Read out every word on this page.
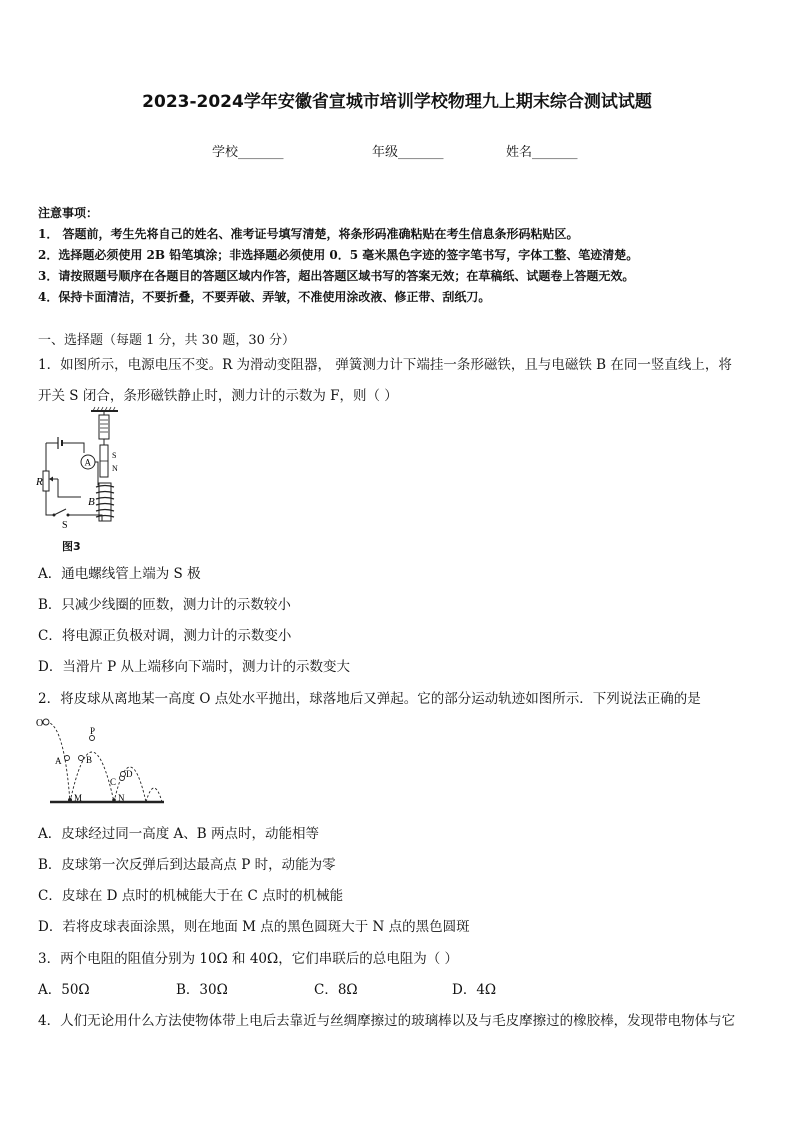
2023-2024学年安徽省宣城市培训学校物理九上期末综合测试试题
学校_______	年级_______	姓名_______
注意事项：
1． 答题前，考生先将自己的姓名、准考证号填写清楚，将条形码准确粘贴在考生信息条形码粘贴区。
2．选择题必须使用 2B 铅笔填涂；非选择题必须使用 0．5 毫米黑色字迹的签字笔书写，字体工整、笔迹清楚。
3．请按照题号顺序在各题目的答题区域内作答，超出答题区域书写的答案无效；在草稿纸、试题卷上答题无效。
4．保持卡面清洁，不要折叠，不要弄破、弄皱，不准使用涂改液、修正带、刮纸刀。
一、选择题（每题 1 分，共 30 题，30 分）
1．如图所示，电源电压不变。R 为滑动变阻器， 弹簧测力计下端挂一条形磁铁，且与电磁铁 B 在同一竖直线上，将
开关 S 闭合，条形磁铁静止时，测力计的示数为 F，则（ ）
S
N
B
A
R
S
图3
A．通电螺线管上端为 S 极
B．只减少线圈的匝数，测力计的示数较小
C．将电源正负极对调，测力计的示数变小
D．当滑片 P 从上端移向下端时，测力计的示数变大
2．将皮球从离地某一高度 O 点处水平抛出，球落地后又弹起。它的部分运动轨迹如图所示．下列说法正确的是
O
A	B
P
C
D
M	N
A．皮球经过同一高度 A、B 两点时，动能相等
B．皮球第一次反弹后到达最高点 P 时，动能为零
C．皮球在 D 点时的机械能大于在 C 点时的机械能
D．若将皮球表面涂黑，则在地面 M 点的黑色圆斑大于 N 点的黑色圆斑
3．两个电阻的阻值分别为 10Ω 和 40Ω，它们串联后的总电阻为（ ）
A．50Ω	B．30Ω	C．8Ω	D．4Ω
4．人们无论用什么方法使物体带上电后去靠近与丝绸摩擦过的玻璃棒以及与毛皮摩擦过的橡胶棒，发现带电物体与它
